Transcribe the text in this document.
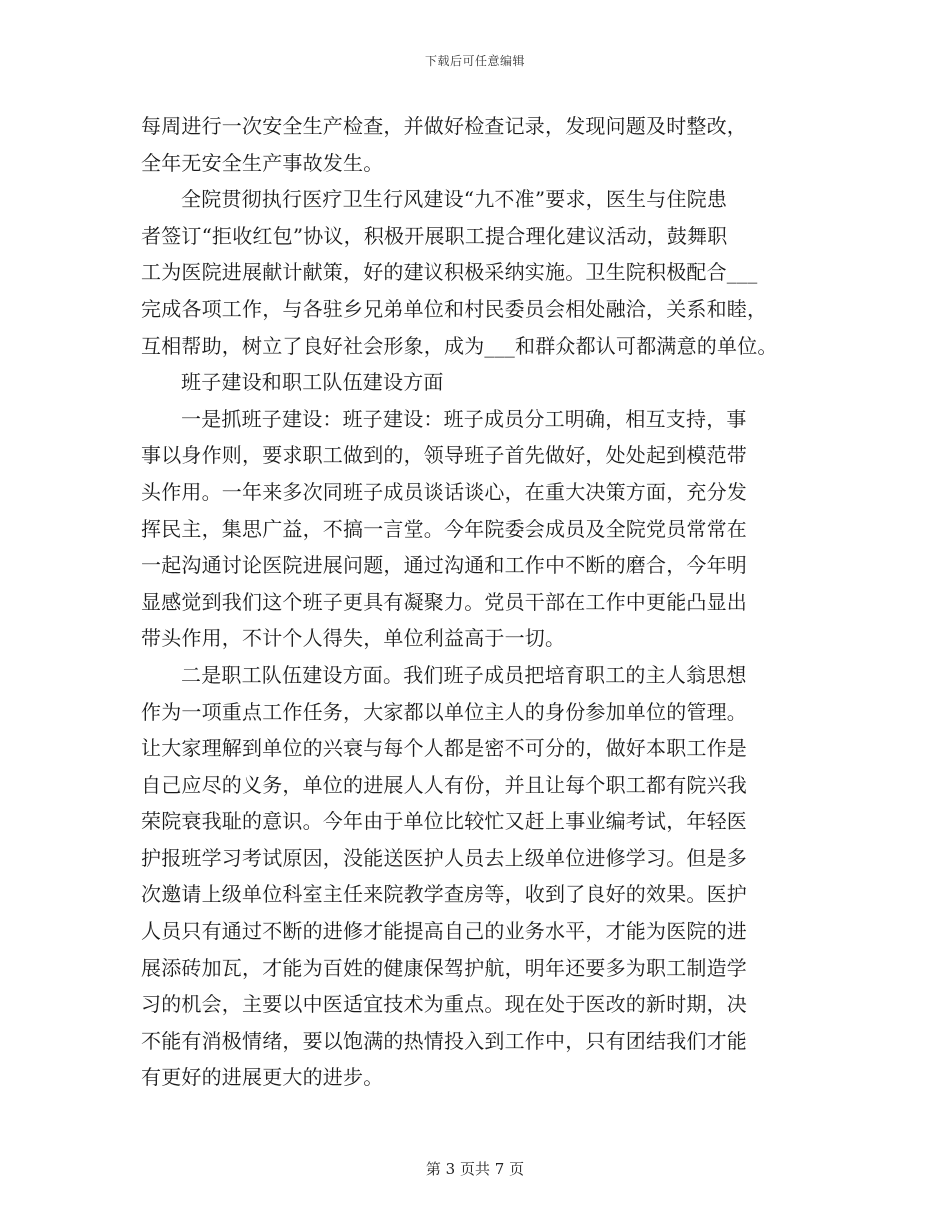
下载后可任意编辑
每周进行一次安全生产检查，并做好检查记录，发现问题及时整改，
全年无安全生产事故发生。
全院贯彻执行医疗卫生行风建设“九不准”要求，医生与住院患
者签订“拒收红包”协议，积极开展职工提合理化建议活动，鼓舞职
工为医院进展献计献策，好的建议积极采纳实施。卫生院积极配合___
完成各项工作，与各驻乡兄弟单位和村民委员会相处融洽，关系和睦，
互相帮助，树立了良好社会形象，成为___和群众都认可都满意的单位。
班子建设和职工队伍建设方面
一是抓班子建设：班子建设：班子成员分工明确，相互支持，事
事以身作则，要求职工做到的，领导班子首先做好，处处起到模范带
头作用。一年来多次同班子成员谈话谈心，在重大决策方面，充分发
挥民主，集思广益，不搞一言堂。今年院委会成员及全院党员常常在
一起沟通讨论医院进展问题，通过沟通和工作中不断的磨合，今年明
显感觉到我们这个班子更具有凝聚力。党员干部在工作中更能凸显出
带头作用，不计个人得失，单位利益高于一切。
二是职工队伍建设方面。我们班子成员把培育职工的主人翁思想
作为一项重点工作任务，大家都以单位主人的身份参加单位的管理。
让大家理解到单位的兴衰与每个人都是密不可分的，做好本职工作是
自己应尽的义务，单位的进展人人有份，并且让每个职工都有院兴我
荣院衰我耻的意识。今年由于单位比较忙又赶上事业编考试，年轻医
护报班学习考试原因，没能送医护人员去上级单位进修学习。但是多
次邀请上级单位科室主任来院教学查房等，收到了良好的效果。医护
人员只有通过不断的进修才能提高自己的业务水平，才能为医院的进
展添砖加瓦，才能为百姓的健康保驾护航，明年还要多为职工制造学
习的机会，主要以中医适宜技术为重点。现在处于医改的新时期，决
不能有消极情绪，要以饱满的热情投入到工作中，只有团结我们才能
有更好的进展更大的进步。
第 3 页共 7 页
